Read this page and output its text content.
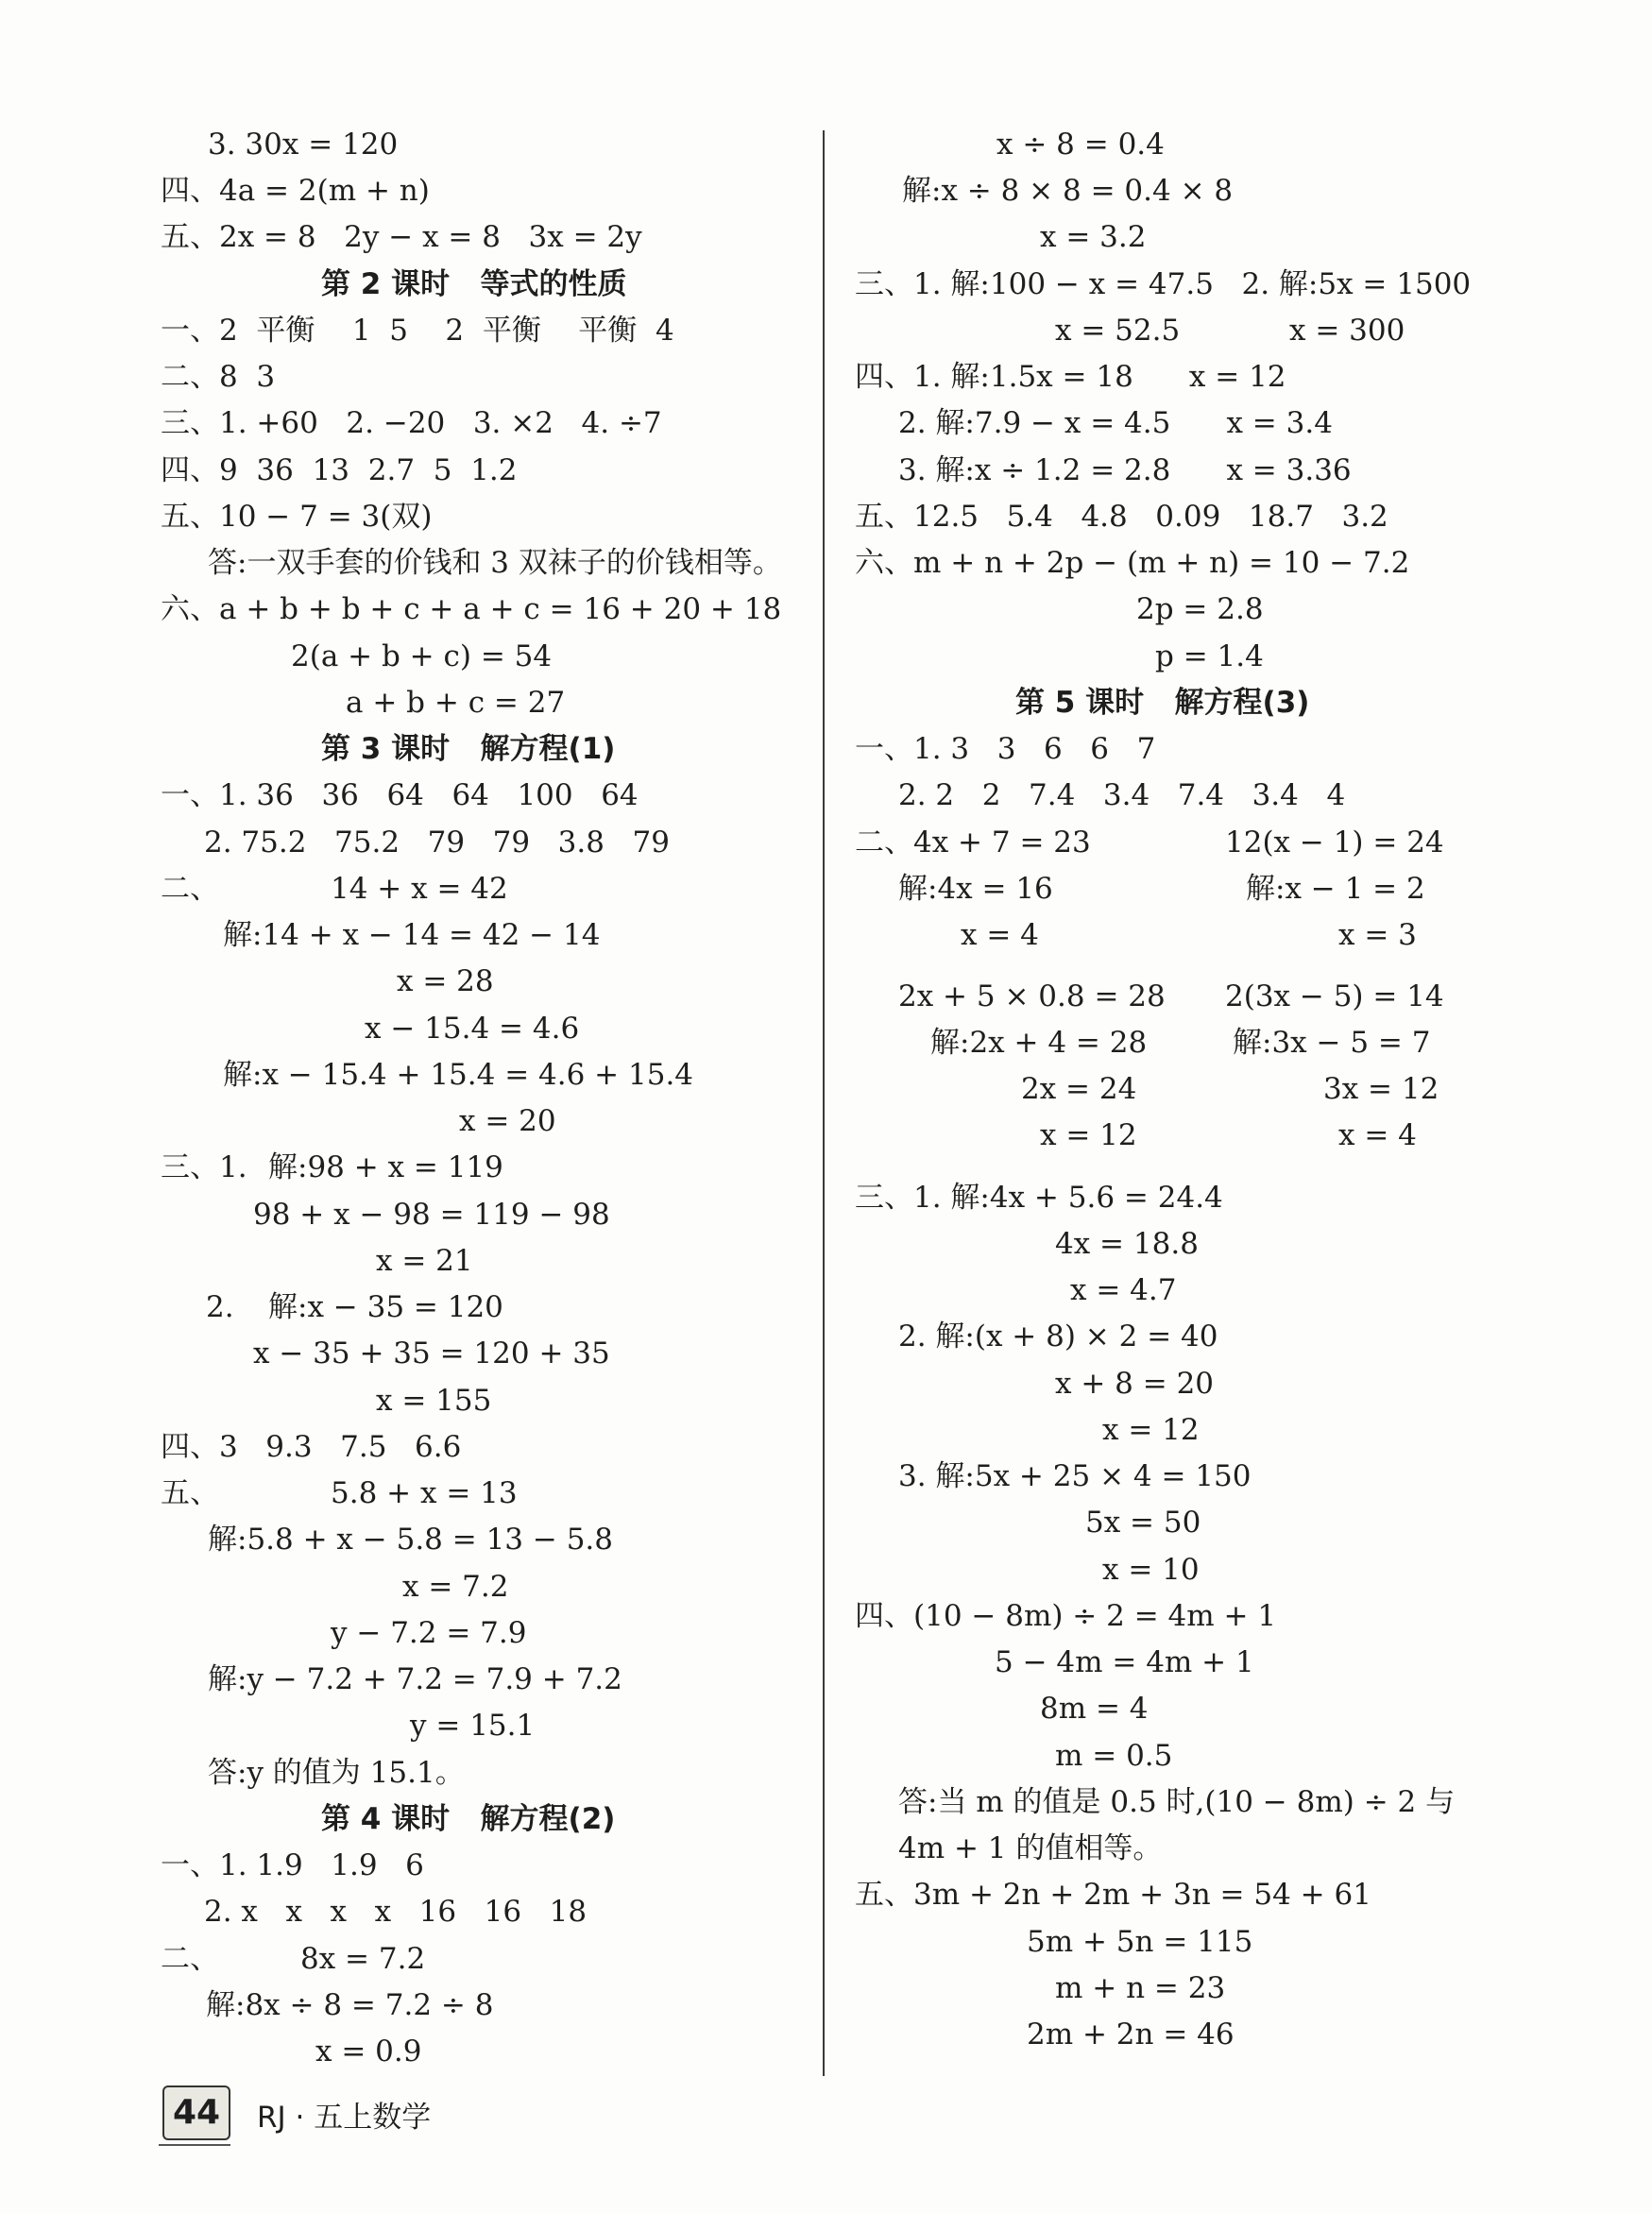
3. 30x = 120
四、4a = 2(m + n)
五、2x = 8   2y − x = 8   3x = 2y
第 2 课时   等式的性质
一、2  平衡    1  5    2  平衡    平衡  4
二、8  3
三、1. +60   2. −20   3. ×2   4. ÷7
四、9  36  13  2.7  5  1.2
五、10 − 7 = 3(双)
答:一双手套的价钱和 3 双袜子的价钱相等。
六、a + b + b + c + a + c = 16 + 20 + 18
2(a + b + c) = 54
a + b + c = 27
第 3 课时   解方程(1)
一、1. 36   36   64   64   100   64
2. 75.2   75.2   79   79   3.8   79
二、	14 + x = 42
解:14 + x − 14 = 42 − 14
x = 28
x − 15.4 = 4.6
解:x − 15.4 + 15.4 = 4.6 + 15.4
x = 20
三、1. 解:98 + x = 119
98 + x − 98 = 119 − 98
x = 21
2. 解:x − 35 = 120
x − 35 + 35 = 120 + 35
x = 155
四、3   9.3   7.5   6.6
五、	5.8 + x = 13
解:5.8 + x − 5.8 = 13 − 5.8
x = 7.2
y − 7.2 = 7.9
解:y − 7.2 + 7.2 = 7.9 + 7.2
y = 15.1
答:y 的值为 15.1。
第 4 课时   解方程(2)
一、1. 1.9   1.9   6
2. x   x   x   x   16   16   18
二、	8x = 7.2
解:8x ÷ 8 = 7.2 ÷ 8
x = 0.9
x ÷ 8 = 0.4
解:x ÷ 8 × 8 = 0.4 × 8
x = 3.2
三、1. 解:100 − x = 47.5   2. 解:5x = 1500
x = 52.5	x = 300
四、1. 解:1.5x = 18      x = 12
2. 解:7.9 − x = 4.5      x = 3.4
3. 解:x ÷ 1.2 = 2.8      x = 3.36
五、12.5   5.4   4.8   0.09   18.7   3.2
六、m + n + 2p − (m + n) = 10 − 7.2
2p = 2.8
p = 1.4
第 5 课时   解方程(3)
一、1. 3   3   6   6   7
2. 2   2   7.4   3.4   7.4   3.4   4
二、4x + 7 = 23	12(x − 1) = 24
解:4x = 16	解:x − 1 = 2
x = 4	x = 3
2x + 5 × 0.8 = 28 2(3x − 5) = 14
解:2x + 4 = 28	解:3x − 5 = 7
2x = 24	3x = 12
x = 12	x = 4
三、1. 解:4x + 5.6 = 24.4
4x = 18.8
x = 4.7
2. 解:(x + 8) × 2 = 40
x + 8 = 20
x = 12
3. 解:5x + 25 × 4 = 150
5x = 50
x = 10
四、(10 − 8m) ÷ 2 = 4m + 1
5 − 4m = 4m + 1
8m = 4
m = 0.5
答:当 m 的值是 0.5 时,(10 − 8m) ÷ 2 与
4m + 1 的值相等。
五、3m + 2n + 2m + 3n = 54 + 61
5m + 5n = 115
m + n = 23
2m + 2n = 46
44	RJ · 五上数学
